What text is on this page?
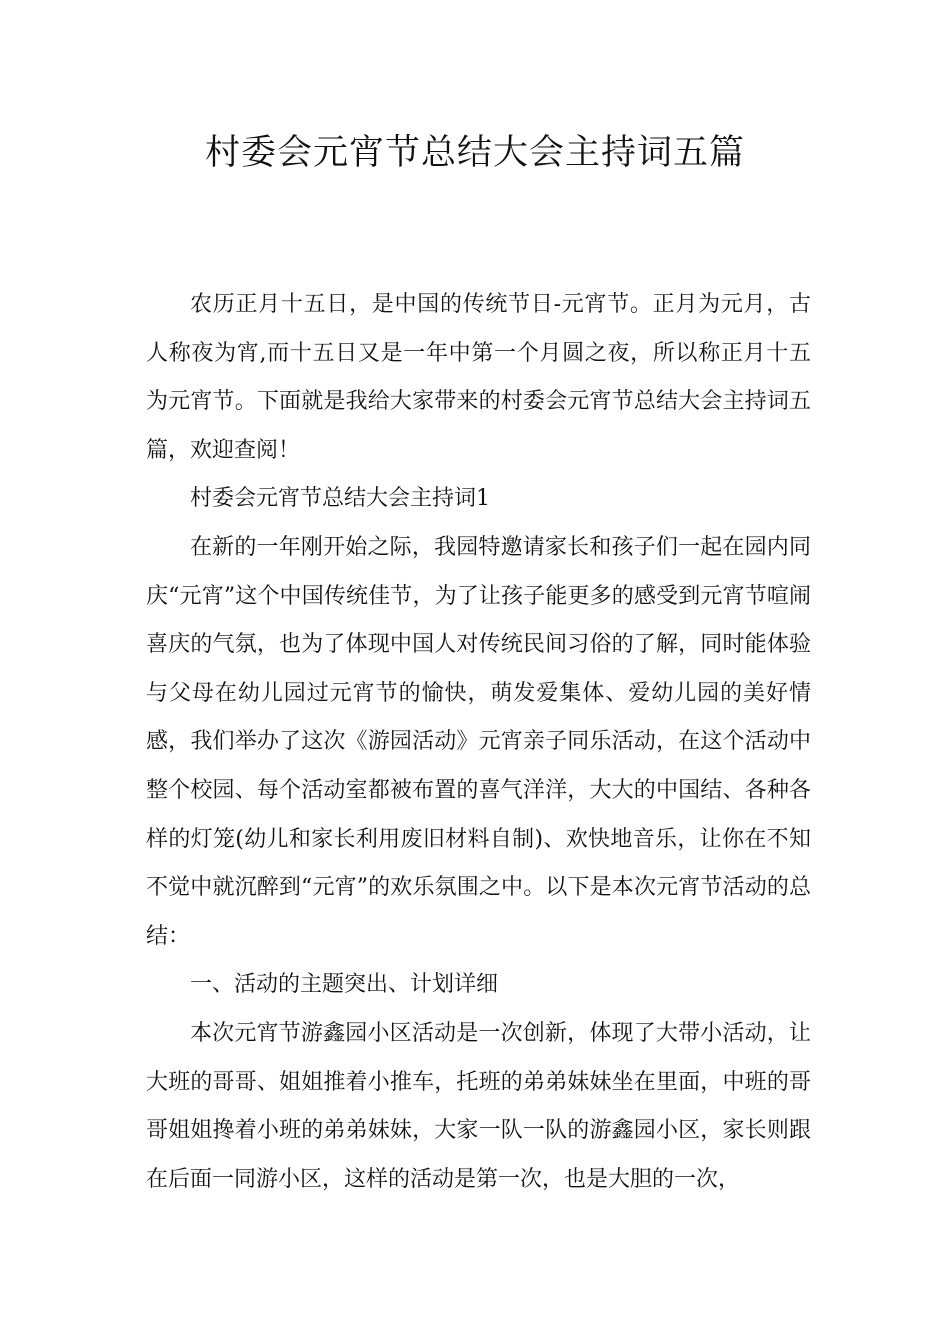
村委会元宵节总结大会主持词五篇

农历正月十五日，是中国的传统节日-元宵节。正月为元月，古人称夜为宵,而十五日又是一年中第一个月圆之夜，所以称正月十五为元宵节。下面就是我给大家带来的村委会元宵节总结大会主持词五篇，欢迎查阅！

村委会元宵节总结大会主持词1

在新的一年刚开始之际，我园特邀请家长和孩子们一起在园内同庆“元宵”这个中国传统佳节，为了让孩子能更多的感受到元宵节喧闹喜庆的气氛，也为了体现中国人对传统民间习俗的了解，同时能体验与父母在幼儿园过元宵节的愉快，萌发爱集体、爱幼儿园的美好情感，我们举办了这次《游园活动》元宵亲子同乐活动，在这个活动中整个校园、每个活动室都被布置的喜气洋洋，大大的中国结、各种各样的灯笼(幼儿和家长利用废旧材料自制)、欢快地音乐，让你在不知不觉中就沉醉到“元宵”的欢乐氛围之中。以下是本次元宵节活动的总结：

一、活动的主题突出、计划详细

本次元宵节游鑫园小区活动是一次创新，体现了大带小活动，让大班的哥哥、姐姐推着小推车，托班的弟弟妹妹坐在里面，中班的哥哥姐姐搀着小班的弟弟妹妹，大家一队一队的游鑫园小区，家长则跟在后面一同游小区，这样的活动是第一次，也是大胆的一次，
